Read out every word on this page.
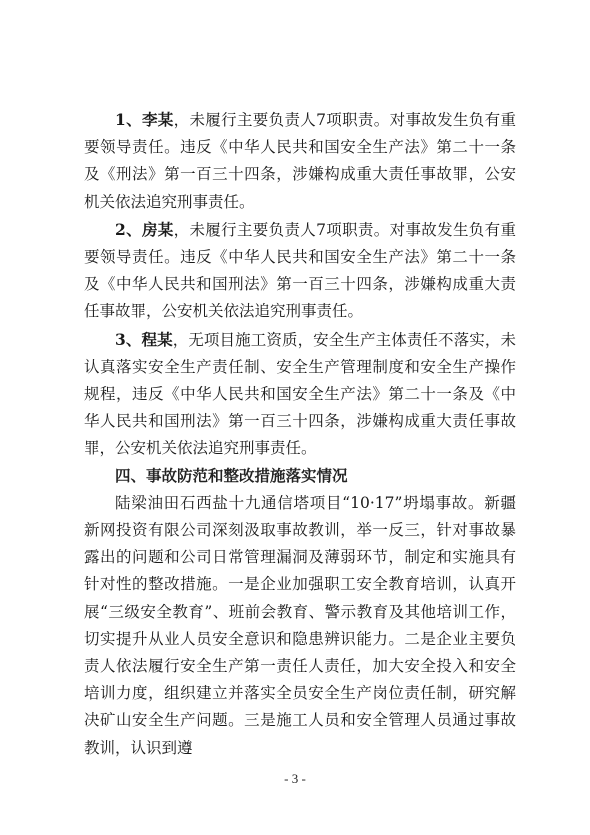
1、李某，未履行主要负责人7项职责。对事故发生负有重要领导责任。违反《中华人民共和国安全生产法》第二十一条及《刑法》第一百三十四条，涉嫌构成重大责任事故罪，公安机关依法追究刑事责任。

2、房某，未履行主要负责人7项职责。对事故发生负有重要领导责任。违反《中华人民共和国安全生产法》第二十一条及《中华人民共和国刑法》第一百三十四条，涉嫌构成重大责任事故罪，公安机关依法追究刑事责任。

3、程某，无项目施工资质，安全生产主体责任不落实，未认真落实安全生产责任制、安全生产管理制度和安全生产操作规程，违反《中华人民共和国安全生产法》第二十一条及《中华人民共和国刑法》第一百三十四条，涉嫌构成重大责任事故罪，公安机关依法追究刑事责任。

四、事故防范和整改措施落实情况

陆梁油田石西盐十九通信塔项目“10·17”坍塌事故。新疆新网投资有限公司深刻汲取事故教训，举一反三，针对事故暴露出的问题和公司日常管理漏洞及薄弱环节，制定和实施具有针对性的整改措施。一是企业加强职工安全教育培训，认真开展“三级安全教育”、班前会教育、警示教育及其他培训工作，切实提升从业人员安全意识和隐患辨识能力。二是企业主要负责人依法履行安全生产第一责任人责任，加大安全投入和安全培训力度，组织建立并落实全员安全生产岗位责任制，研究解决矿山安全生产问题。三是施工人员和安全管理人员通过事故教训，认识到遵

- 3 -
